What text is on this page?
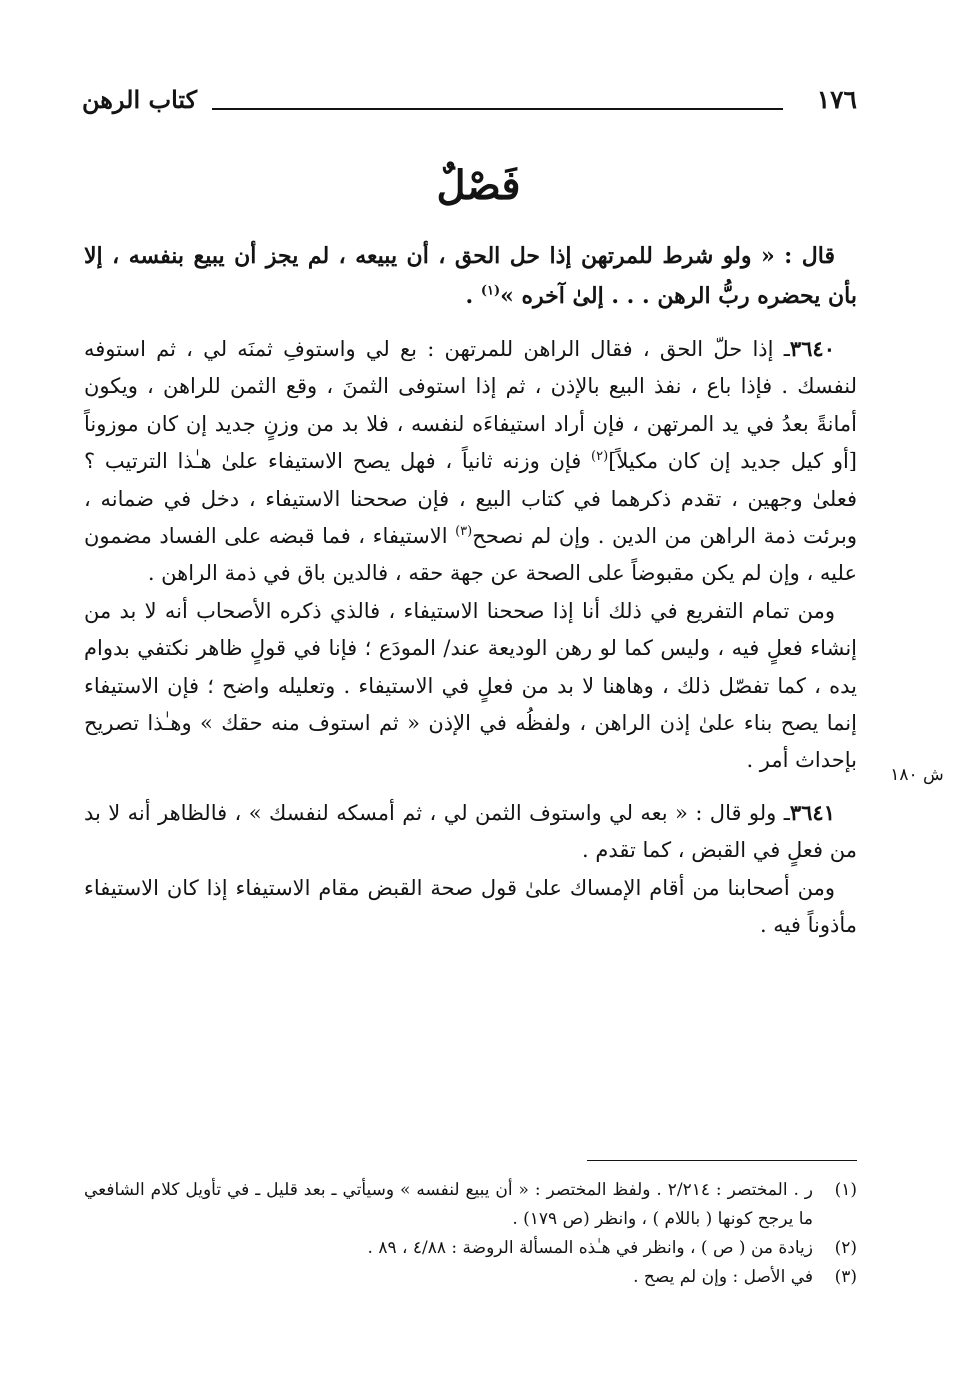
١٧٦
كتاب الرهن
فَصْلٌ

قال : « ولو شرط للمرتهن إذا حل الحق ، أن يبيعه ، لم يجز أن يبيع بنفسه ، إلا بأن يحضره ربُّ الرهن . . . إلىٰ آخره »$^{(١)}$ .

٣٦٤٠ـ إذا حلّ الحق ، فقال الراهن للمرتهن : بع لي واستوفِ ثمنَه لي ، ثم استوفه لنفسك . فإذا باع ، نفذ البيع بالإذن ، ثم إذا استوفى الثمنَ ، وقع الثمن للراهن ، ويكون أمانةً بعدُ في يد المرتهن ، فإن أراد استيفاءَه لنفسه ، فلا بد من وزنٍ جديد إن كان موزوناً [أو كيل جديد إن كان مكيلاً]$^{(٢)}$ فإن وزنه ثانياً ، فهل يصح الاستيفاء علىٰ هـٰذا الترتيب ؟ فعلىٰ وجهين ، تقدم ذكرهما في كتاب البيع ، فإن صححنا الاستيفاء ، دخل في ضمانه ، وبرئت ذمة الراهن من الدين . وإن لم نصحح$^{(٣)}$ الاستيفاء ، فما قبضه على الفساد مضمون عليه ، وإن لم يكن مقبوضاً على الصحة عن جهة حقه ، فالدين باق في ذمة الراهن .

ومن تمام التفريع في ذلك أنا إذا صححنا الاستيفاء ، فالذي ذكره الأصحاب أنه لا بد من إنشاء فعلٍ فيه ، وليس كما لو رهن الوديعة عند/ المودَع ؛ فإنا في قولٍ ظاهر نكتفي بدوام يده ، كما تفصّل ذلك ، وهاهنا لا بد من فعلٍ في الاستيفاء . وتعليله واضح ؛ فإن الاستيفاء إنما يصح بناء علىٰ إذن الراهن ، ولفظُه في الإذن « ثم استوف منه حقك » وهـٰذا تصريح بإحداث أمر .

٣٦٤١ـ ولو قال : « بعه لي واستوف الثمن لي ، ثم أمسكه لنفسك » ، فالظاهر أنه لا بد من فعلٍ في القبض ، كما تقدم .

ومن أصحابنا من أقام الإمساك علىٰ قول صحة القبض مقام الاستيفاء إذا كان الاستيفاء مأذوناً فيه .

ش ١٨٠
(١)
ر . المختصر : ٢/٢١٤ . ولفظ المختصر : « أن يبيع لنفسه » وسيأتي ـ بعد قليل ـ في تأويل كلام الشافعي ما يرجح كونها ( باللام ) ، وانظر (ص ١٧٩) .
(٢)
زيادة من ( ص ) ، وانظر في هـٰذه المسألة الروضة : ٤/٨٨ ، ٨٩ .
(٣)
في الأصل : وإن لم يصح .
